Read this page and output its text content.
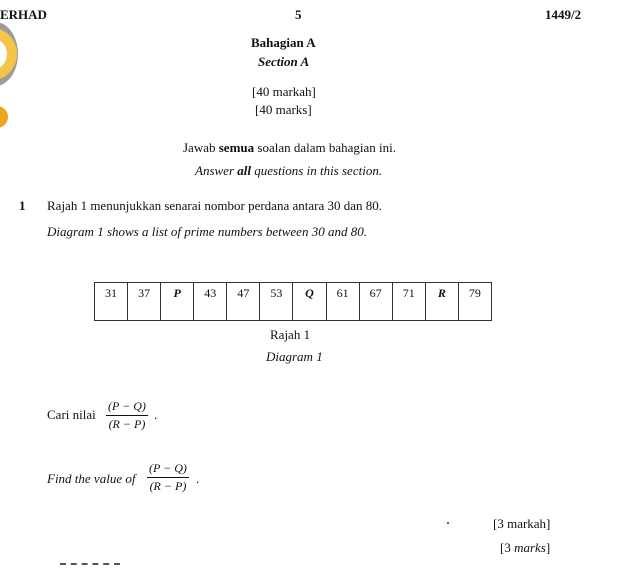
ERHAD	5	1449/2
Bahagian A
Section A
[40 markah]
[40 marks]
Jawab semua soalan dalam bahagian ini.
Answer all questions in this section.
1 Rajah 1 menunjukkan senarai nombor perdana antara 30 dan 80.
Diagram 1 shows a list of prime numbers between 30 and 80.
31	37	P	43	47	53	Q	61	67	71	R	79
Rajah 1
Diagram 1
Cari nilai
(P − Q)
(R − P)
.
Find the value of
(P − Q)
(R − P) .
[3 markah]
[3 marks]
